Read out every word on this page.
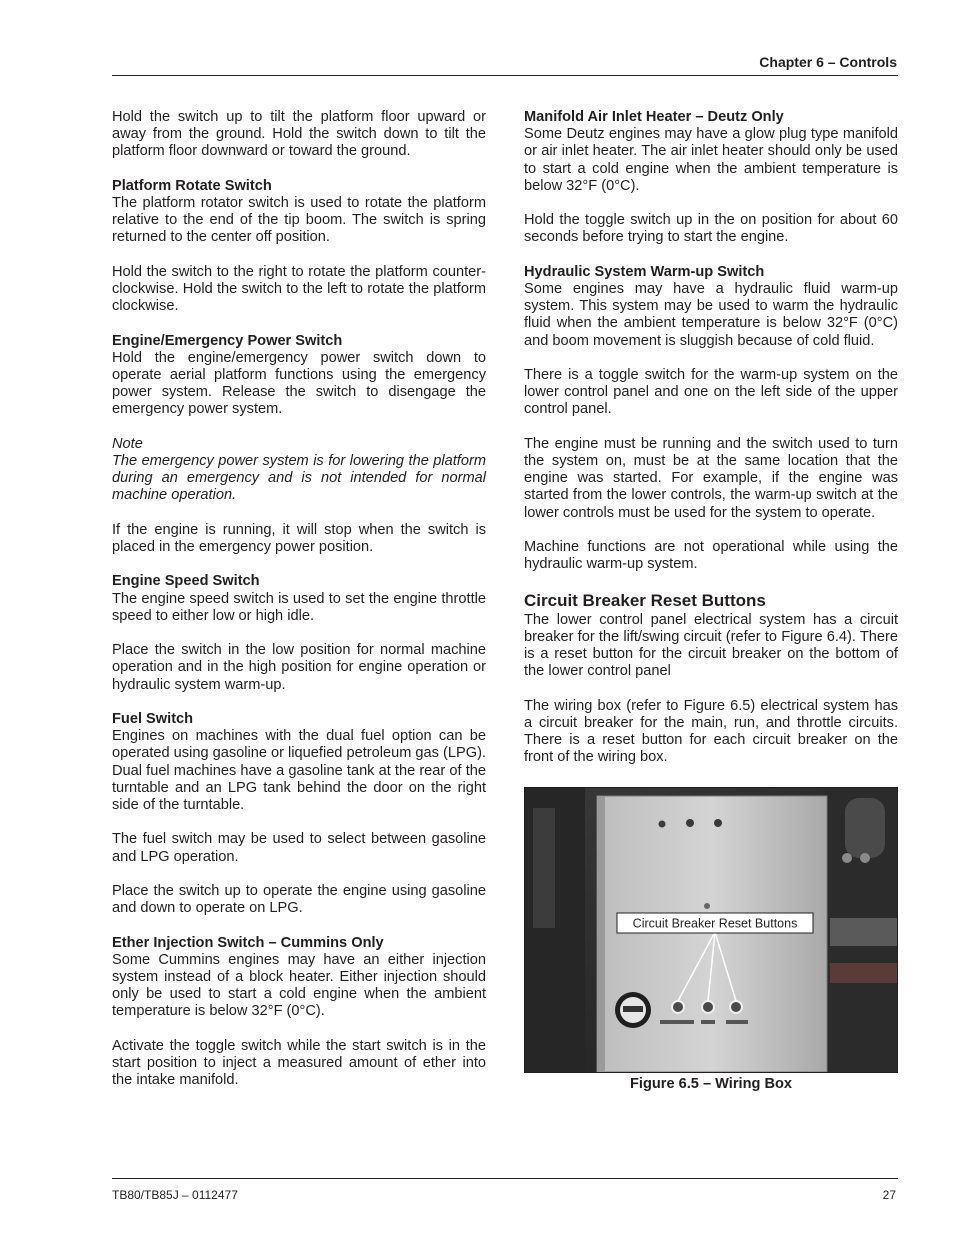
Chapter 6 – Controls

Hold the switch up to tilt the platform floor upward or away from the ground. Hold the switch down to tilt the platform floor downward or toward the ground.

Platform Rotate Switch

The platform rotator switch is used to rotate the platform relative to the end of the tip boom. The switch is spring returned to the center off position.

Hold the switch to the right to rotate the platform counter-clockwise. Hold the switch to the left to rotate the platform clockwise.

Engine/Emergency Power Switch

Hold the engine/emergency power switch down to operate aerial platform functions using the emergency power system. Release the switch to disengage the emergency power system.

Note

The emergency power system is for lowering the platform during an emergency and is not intended for normal machine operation.

If the engine is running, it will stop when the switch is placed in the emergency power position.

Engine Speed Switch

The engine speed switch is used to set the engine throttle speed to either low or high idle.

Place the switch in the low position for normal machine operation and in the high position for engine operation or hydraulic system warm-up.

Fuel Switch

Engines on machines with the dual fuel option can be operated using gasoline or liquefied petroleum gas (LPG). Dual fuel machines have a gasoline tank at the rear of the turntable and an LPG tank behind the door on the right side of the turntable.

The fuel switch may be used to select between gasoline and LPG operation.

Place the switch up to operate the engine using gasoline and down to operate on LPG.

Ether Injection Switch – Cummins Only

Some Cummins engines may have an either injection system instead of a block heater. Either injection should only be used to start a cold engine when the ambient temperature is below 32°F (0°C).

Activate the toggle switch while the start switch is in the start position to inject a measured amount of ether into the intake manifold.

Manifold Air Inlet Heater – Deutz Only

Some Deutz engines may have a glow plug type manifold or air inlet heater. The air inlet heater should only be used to start a cold engine when the ambient temperature is below 32°F (0°C).

Hold the toggle switch up in the on position for about 60 seconds before trying to start the engine.

Hydraulic System Warm-up Switch

Some engines may have a hydraulic fluid warm-up system. This system may be used to warm the hydraulic fluid when the ambient temperature is below 32°F (0°C) and boom movement is sluggish because of cold fluid.

There is a toggle switch for the warm-up system on the lower control panel and one on the left side of the upper control panel.

The engine must be running and the switch used to turn the system on, must be at the same location that the engine was started. For example, if the engine was started from the lower controls, the warm-up switch at the lower controls must be used for the system to operate.

Machine functions are not operational while using the hydraulic warm-up system.

Circuit Breaker Reset Buttons

The lower control panel electrical system has a circuit breaker for the lift/swing circuit (refer to Figure 6.4). There is a reset button for the circuit breaker on the bottom of the lower control panel

The wiring box (refer to Figure 6.5) electrical system has a circuit breaker for the main, run, and throttle circuits. There is a reset button for each circuit breaker on the front of the wiring box.

Circuit Breaker Reset Buttons
Figure 6.5 – Wiring Box
TB80/TB85J – 0112477	27
